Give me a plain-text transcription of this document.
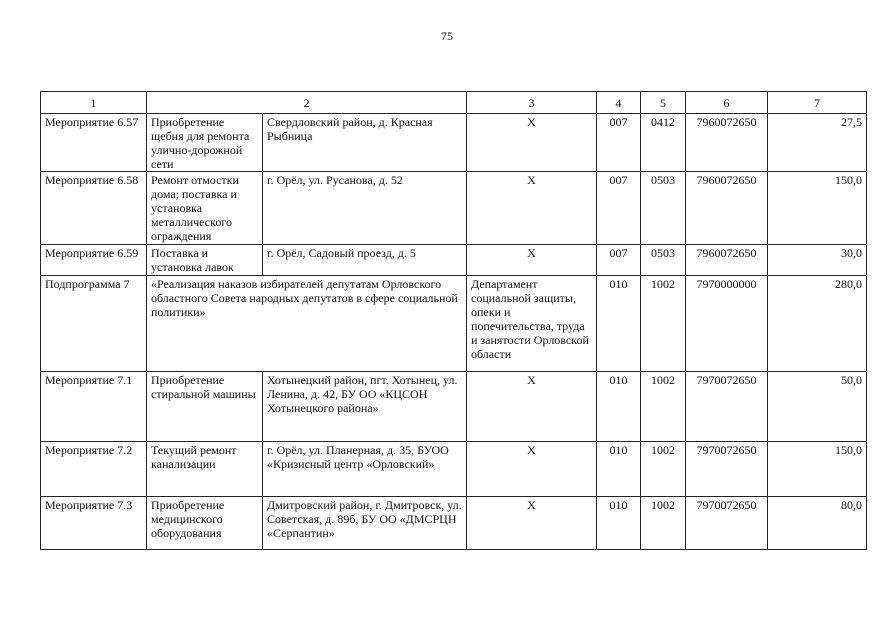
75
1	2		3	4	5	6	7
Мероприятие 6.57	Приобретение щебня для ремонта улично-дорожной сети	Свердловский район, д. Красная Рыбница	Х	007	0412	7960072650	27,5
Мероприятие 6.58	Ремонт отмостки дома; поставка и установка металлического ограждения	г. Орёл, ул. Русанова, д. 52	Х	007	0503	7960072650	150,0
Мероприятие 6.59	Поставка и установка лавок	г. Орёл, Садовый проезд, д. 5	Х	007	0503	7960072650	30,0
Подпрограмма 7	«Реализация наказов избирателей депутатам Орловского областного Совета народных депутатов в сфере социальной политики»		Департамент социальной защиты, опеки и попечительства, труда и занятости Орловской области	010	1002	7970000000	280,0
Мероприятие 7.1	Приобретение стиральной машины	Хотынецкий район, пгт. Хотынец, ул. Ленина, д. 42, БУ ОО «КЦСОН Хотынецкого района»	Х	010	1002	7970072650	50,0
Мероприятие 7.2	Текущий ремонт канализации	г. Орёл, ул. Планерная, д. 35, БУОО «Кризисный центр «Орловский»	Х	010	1002	7970072650	150,0
Мероприятие 7.3	Приобретение медицинского оборудования	Дмитровский район, г. Дмитровск, ул. Советская, д. 89б, БУ ОО «ДМСРЦН «Серпантин»	Х	010	1002	7970072650	80,0
